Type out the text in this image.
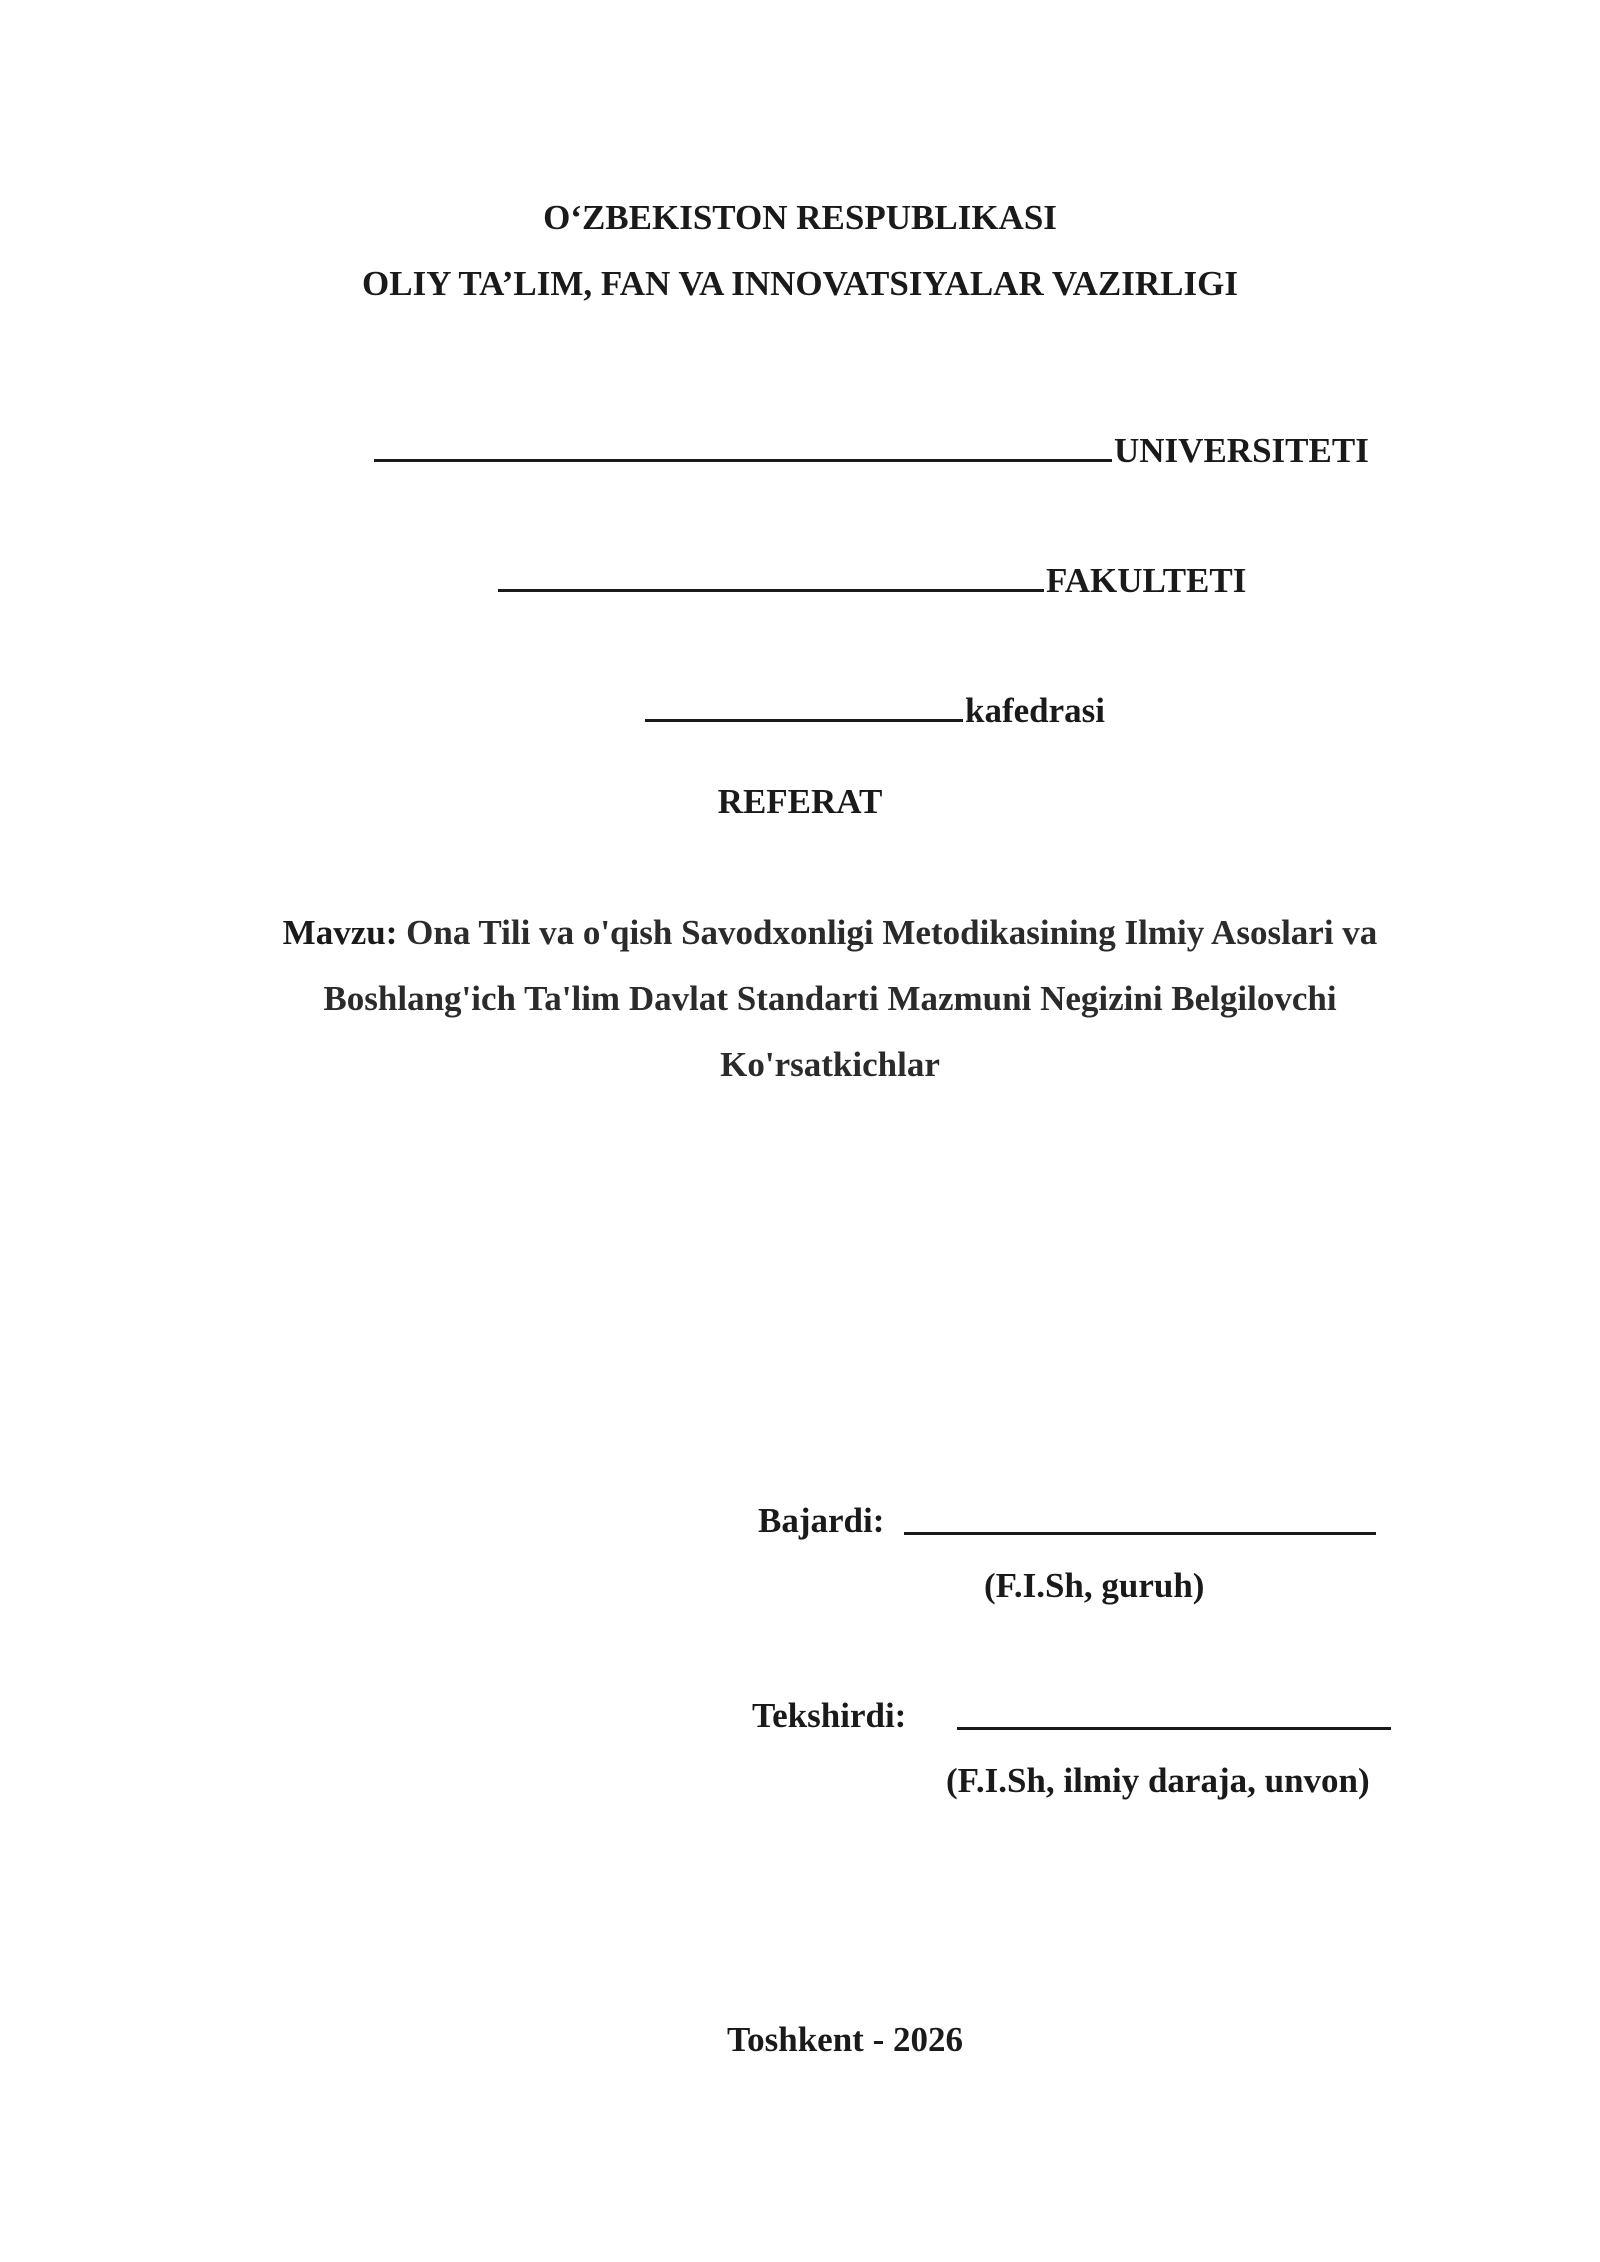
O‘ZBEKISTON RESPUBLIKASI
OLIY TA’LIM, FAN VA INNOVATSIYALAR VAZIRLIGI

UNIVERSITETI

FAKULTETI

kafedrasi

REFERAT
Mavzu: Ona Tili va o'qish Savodxonligi Metodikasining Ilmiy Asoslari va Boshlang'ich Ta'lim Davlat Standarti Mazmuni Negizini Belgilovchi Ko'rsatkichlar
Bajardi:
(F.I.Sh, guruh)
Tekshirdi:
(F.I.Sh, ilmiy daraja, unvon)
Toshkent - 2026
